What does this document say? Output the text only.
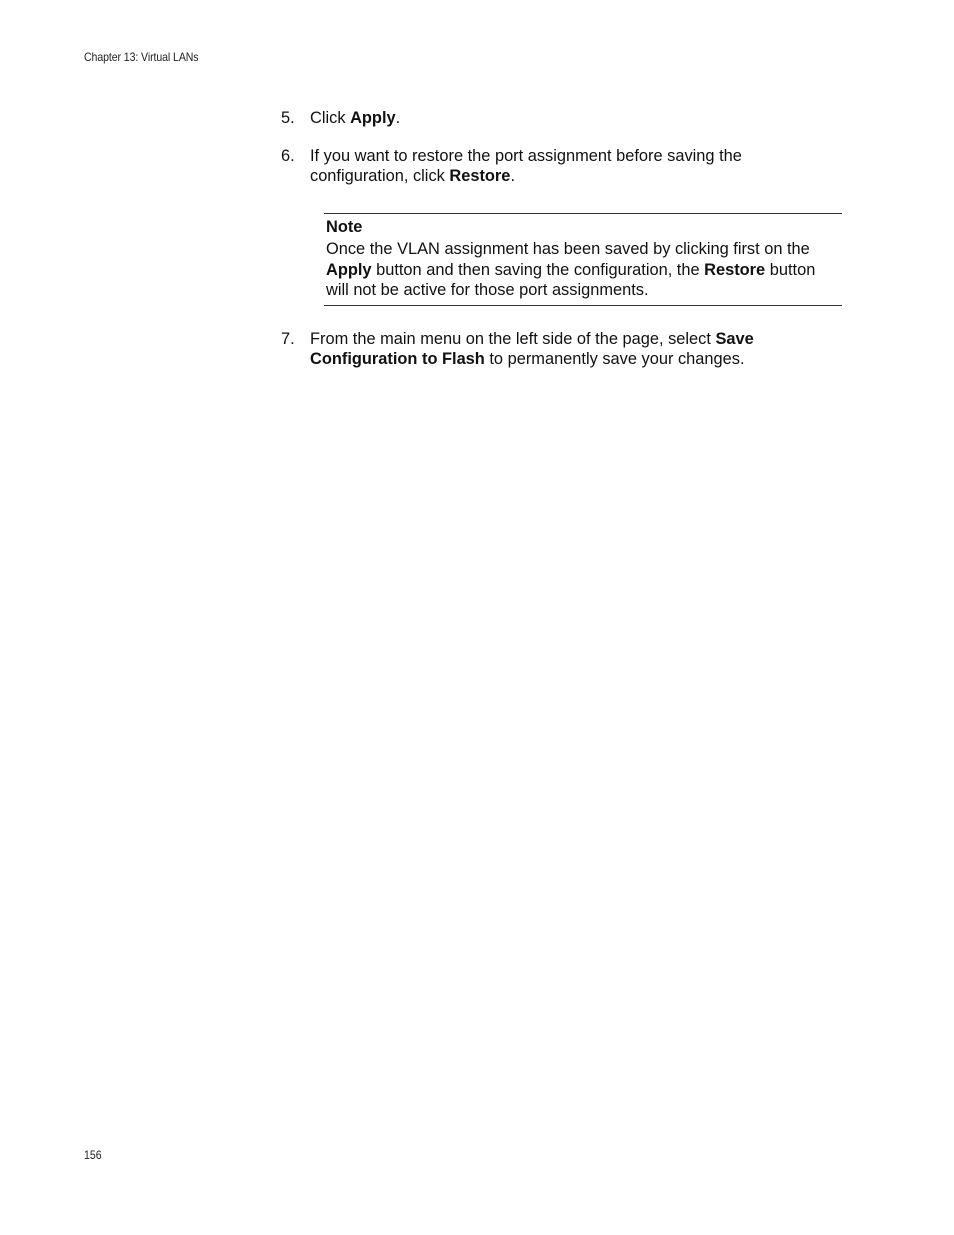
Chapter 13: Virtual LANs
5. Click Apply.
6. If you want to restore the port assignment before saving the configuration, click Restore.
Note
Once the VLAN assignment has been saved by clicking first on the Apply button and then saving the configuration, the Restore button will not be active for those port assignments.
7. From the main menu on the left side of the page, select Save Configuration to Flash to permanently save your changes.
156
